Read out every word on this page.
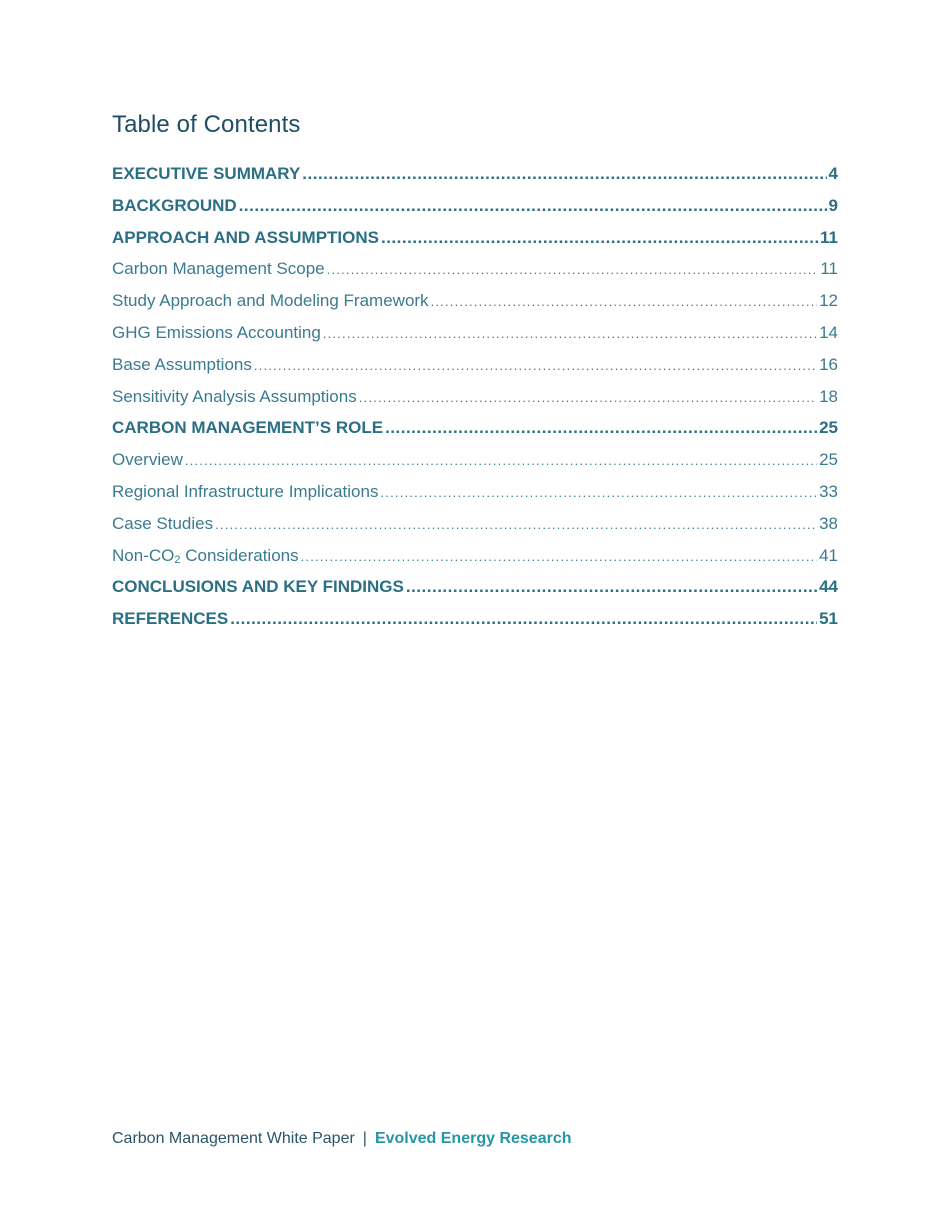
Table of Contents
EXECUTIVE SUMMARY .....	4
BACKGROUND .....	9
APPROACH AND ASSUMPTIONS .....	11
Carbon Management Scope .....	11
Study Approach and Modeling Framework .....	12
GHG Emissions Accounting .....	14
Base Assumptions .....	16
Sensitivity Analysis Assumptions .....	18
CARBON MANAGEMENT’S ROLE .....	25
Overview .....	25
Regional Infrastructure Implications .....	33
Case Studies .....	38
Non-$CO_2$ Considerations .....	41
CONCLUSIONS AND KEY FINDINGS .....	44
REFERENCES .....	51
Carbon Management White Paper | Evolved Energy Research
